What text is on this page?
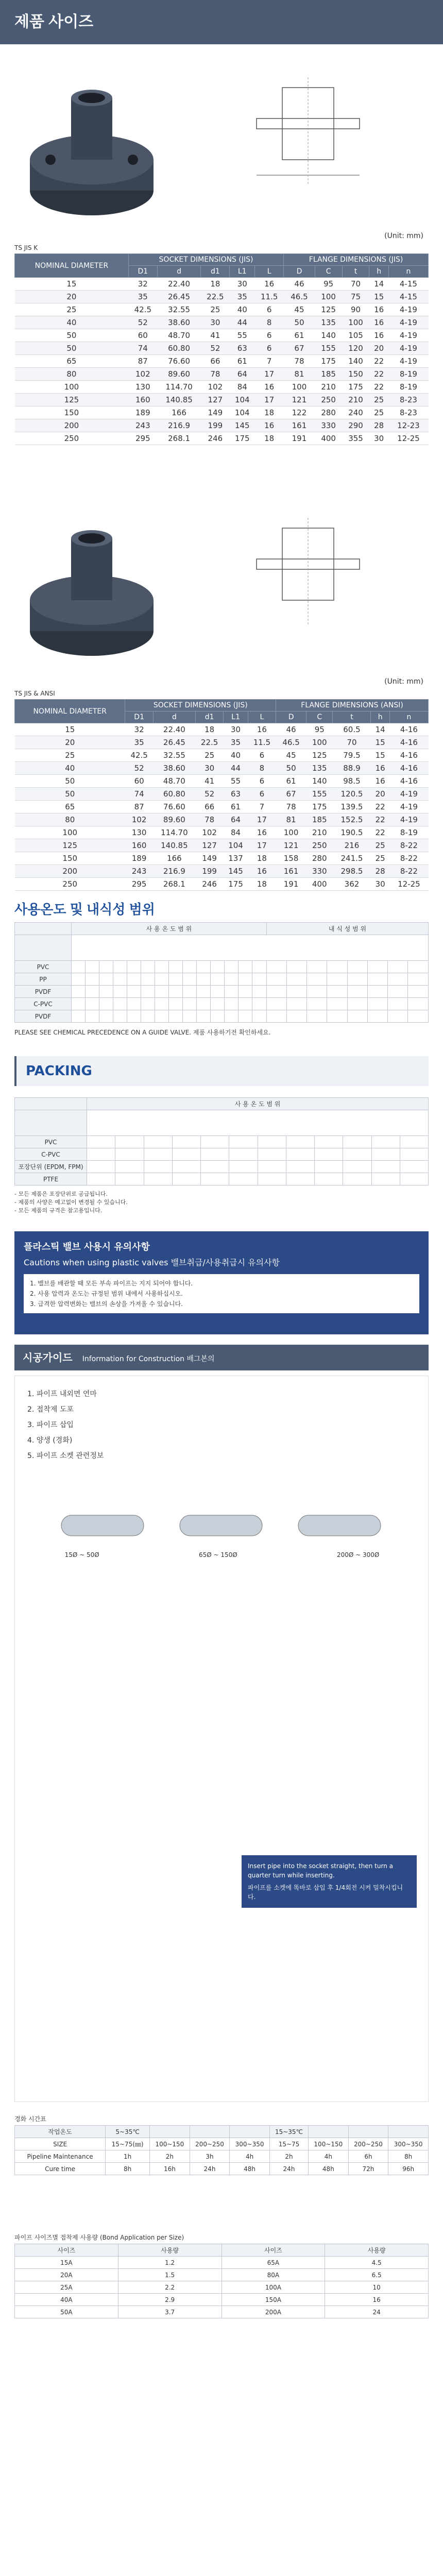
제품 사이즈
(Unit: mm)
TS JIS K
NOMINAL DIAMETER	SOCKET DIMENSIONS (JIS)					FLANGE DIMENSIONS (JIS)				
	D1	d	d1	L1	L	D	C	t	h	n
15	32	22.40	18	30	16	46	95	70	14	4-15
20	35	26.45	22.5	35	11.5	46.5	100	75	15	4-15
25	42.5	32.55	25	40	6	45	125	90	16	4-19
40	52	38.60	30	44	8	50	135	100	16	4-19
50	60	48.70	41	55	6	61	140	105	16	4-19
50	74	60.80	52	63	6	67	155	120	20	4-19
65	87	76.60	66	61	7	78	175	140	22	4-19
80	102	89.60	78	64	17	81	185	150	22	8-19
100	130	114.70	102	84	16	100	210	175	22	8-19
125	160	140.85	127	104	17	121	250	210	25	8-23
150	189	166	149	104	18	122	280	240	25	8-23
200	243	216.9	199	145	16	161	330	290	28	12-23
250	295	268.1	246	175	18	191	400	355	30	12-25
(Unit: mm)
TS JIS & ANSI
NOMINAL DIAMETER	SOCKET DIMENSIONS (JIS)					FLANGE DIMENSIONS (ANSI)				
	D1	d	d1	L1	L	D	C	t	h	n
15	32	22.40	18	30	16	46	95	60.5	14	4-16
20	35	26.45	22.5	35	11.5	46.5	100	70	15	4-16
25	42.5	32.55	25	40	6	45	125	79.5	15	4-16
40	52	38.60	30	44	8	50	135	88.9	16	4-16
50	60	48.70	41	55	6	61	140	98.5	16	4-16
50	74	60.80	52	63	6	67	155	120.5	20	4-19
65	87	76.60	66	61	7	78	175	139.5	22	4-19
80	102	89.60	78	64	17	81	185	152.5	22	4-19
100	130	114.70	102	84	16	100	210	190.5	22	8-19
125	160	140.85	127	104	17	121	250	216	25	8-22
150	189	166	149	137	18	158	280	241.5	25	8-22
200	243	216.9	199	145	16	161	330	298.5	28	8-22
250	295	268.1	246	175	18	191	400	362	30	12-25
사용온도 및 내식성 범위
	사 용 온 도 범 위														내 식 성 범 위							

PVC																						
PP																						
PVDF																						
C-PVC																						
PVDF																						
PLEASE SEE CHEMICAL PRECEDENCE ON A GUIDE VALVE. 제품 사용하기전 확인하세요.
PACKING
	사 용 온 도 범 위											

PVC												
C-PVC												
포장단위 (EPDM, FPM)												
PTFE												
- 모든 제품은 포장단위로 공급됩니다.
- 제품의 사양은 예고없이 변경될 수 있습니다.
- 모든 제품의 규격은 참고용입니다.
플라스틱 밸브 사용시 유의사항
Cautions when using plastic valves 밸브취급/사용취급시 유의사항
1. 밸브를 배관할 때 모든 부속 파이프는 지지 되어야 합니다.
2. 사용 압력과 온도는 규정된 범위 내에서 사용하십시오.
3. 급격한 압력변화는 밸브의 손상을 가져올 수 있습니다.
시공가이드 Information for Construction 배그본의
1. 파이프 내외면 연마
2. 접착제 도포
3. 파이프 삽입
4. 양생 (경화)
5. 파이프 소켓 관련정보
15Ø ~ 50Ø	65Ø ~ 150Ø	200Ø ~ 300Ø
Insert pipe into the socket straight, then turn a quarter turn while inserting.
파이프를 소켓에 똑바로 삽입 후 1/4회전 시켜 밀착시킵니다.
경화 시간표
작업온도	5~35℃				15~35℃			
SIZE	15~75(㎜)	100~150	200~250	300~350	15~75	100~150	200~250	300~350
Pipeline Maintenance	1h	2h	3h	4h	2h	4h	6h	8h
Cure time	8h	16h	24h	48h	24h	48h	72h	96h
파이프 사이즈별 접착제 사용량 (Bond Application per Size)
사이즈	사용량	사이즈	사용량
15A	1.2	65A	4.5
20A	1.5	80A	6.5
25A	2.2	100A	10
40A	2.9	150A	16
50A	3.7	200A	24
